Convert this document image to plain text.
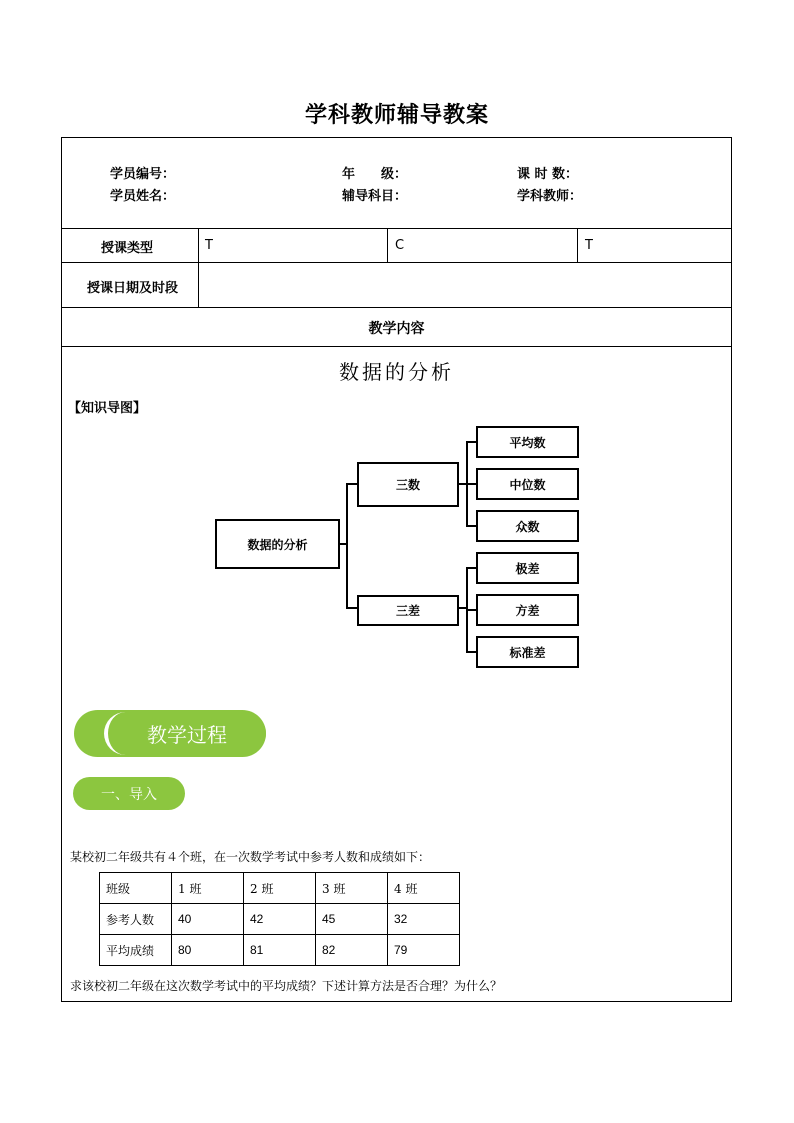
学科教师辅导教案
学员编号：	年　　级：	课 时 数：
学员姓名：	辅导科目：	学科教师：
授课类型	T	C	T
授课日期及时段
教学内容
数据的分析
【知识导图】
数据的分析
三数
三差
平均数
中位数
众数
极差
方差
标准差
教学过程
一、导入
某校初二年级共有４个班，在一次数学考试中参考人数和成绩如下：
班级	1 班	2 班	3 班	4 班
参考人数	40	42	45	32
平均成绩	80	81	82	79
求该校初二年级在这次数学考试中的平均成绩？下述计算方法是否合理？为什么？
